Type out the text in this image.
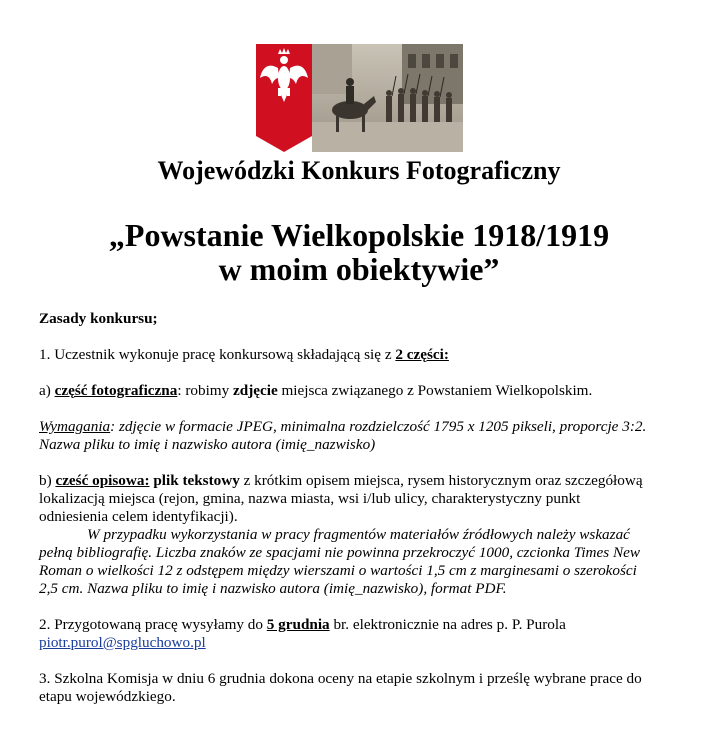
Wojewódzki Konkurs Fotograficzny
„Powstanie Wielkopolskie 1918/1919
w moim obiektywie”

Zasady konkursu;

1. Uczestnik wykonuje pracę konkursową składającą się z 2 części:

a) część fotograficzna: robimy zdjęcie miejsca związanego z Powstaniem Wielkopolskim.

Wymagania: zdjęcie w formacie JPEG, minimalna rozdzielczość 1795 x 1205 pikseli, proporcje 3:2.
Nazwa pliku to imię i nazwisko autora (imię_nazwisko)

b) cześć opisowa: plik tekstowy z krótkim opisem miejsca, rysem historycznym oraz szczegółową
lokalizacją miejsca (rejon, gmina, nazwa miasta, wsi i/lub ulicy, charakterystyczny punkt
odniesienia celem identyfikacji).

W przypadku wykorzystania w pracy fragmentów materiałów źródłowych należy wskazać
pełną bibliografię. Liczba znaków ze spacjami nie powinna przekroczyć 1000, czcionka Times New
Roman o wielkości 12 z odstępem między wierszami o wartości 1,5 cm z marginesami o szerokości
2,5 cm. Nazwa pliku to imię i nazwisko autora (imię_nazwisko), format PDF.

2. Przygotowaną pracę wysyłamy do 5 grudnia br. elektronicznie na adres p. P. Purola
piotr.purol@spgluchowo.pl

3. Szkolna Komisja w dniu 6 grudnia dokona oceny na etapie szkolnym i prześlę wybrane prace do
etapu wojewódzkiego.
